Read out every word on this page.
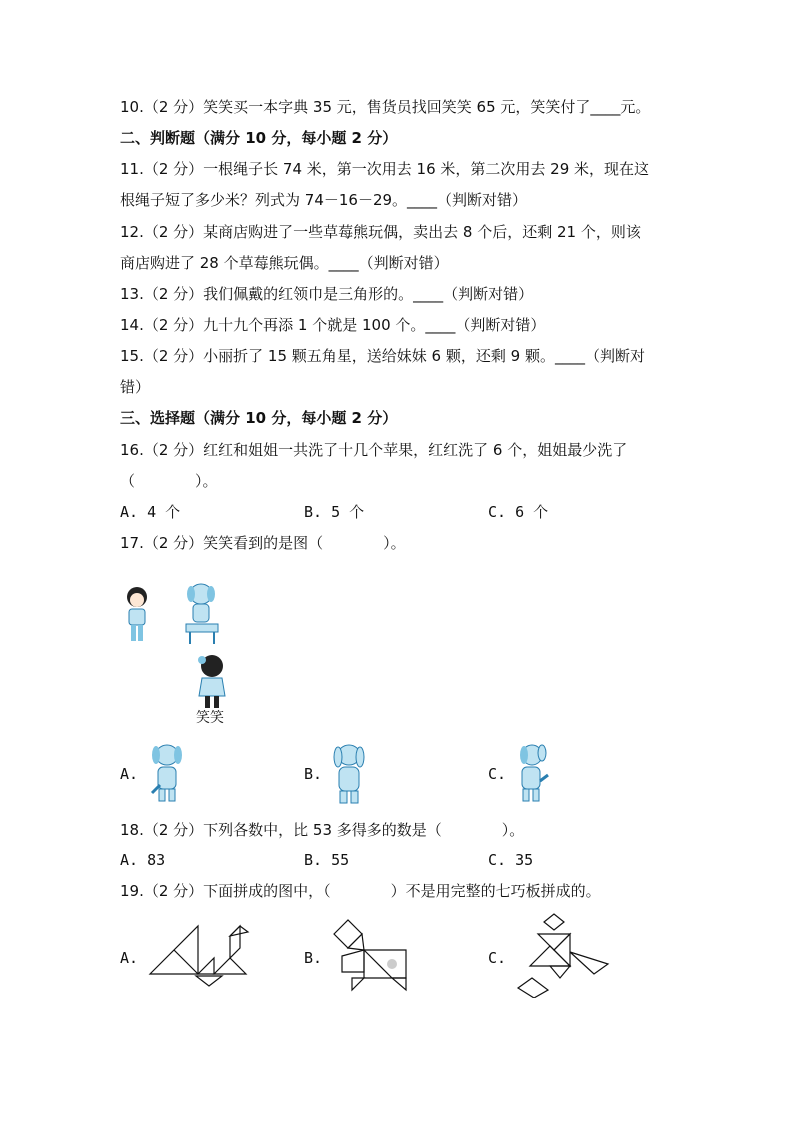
10.（2 分）笑笑买一本字典 35 元，售货员找回笑笑 65 元，笑笑付了____元。
二、判断题（满分 10 分，每小题 2 分）
11.（2 分）一根绳子长 74 米，第一次用去 16 米，第二次用去 29 米，现在这
根绳子短了多少米？列式为 74－16－29。____（判断对错）
12.（2 分）某商店购进了一些草莓熊玩偶，卖出去 8 个后，还剩 21 个，则该
商店购进了 28 个草莓熊玩偶。____（判断对错）
13.（2 分）我们佩戴的红领巾是三角形的。____（判断对错）
14.（2 分）九十九个再添 1 个就是 100 个。____（判断对错）
15.（2 分）小丽折了 15 颗五角星，送给妹妹 6 颗，还剩 9 颗。____（判断对
错）
三、选择题（满分 10 分，每小题 2 分）
16.（2 分）红红和姐姐一共洗了十几个苹果，红红洗了 6 个，姐姐最少洗了
（　　　　）。
A. 4 个	B. 5 个	C. 6 个
17.（2 分）笑笑看到的是图（　　　　）。
笑笑
A.	B.	C.
18.（2 分）下列各数中，比 53 多得多的数是（　　　　）。
A. 83	B. 55	C. 35
19.（2 分）下面拼成的图中，（　　　　）不是用完整的七巧板拼成的。
A.	B.	C.
